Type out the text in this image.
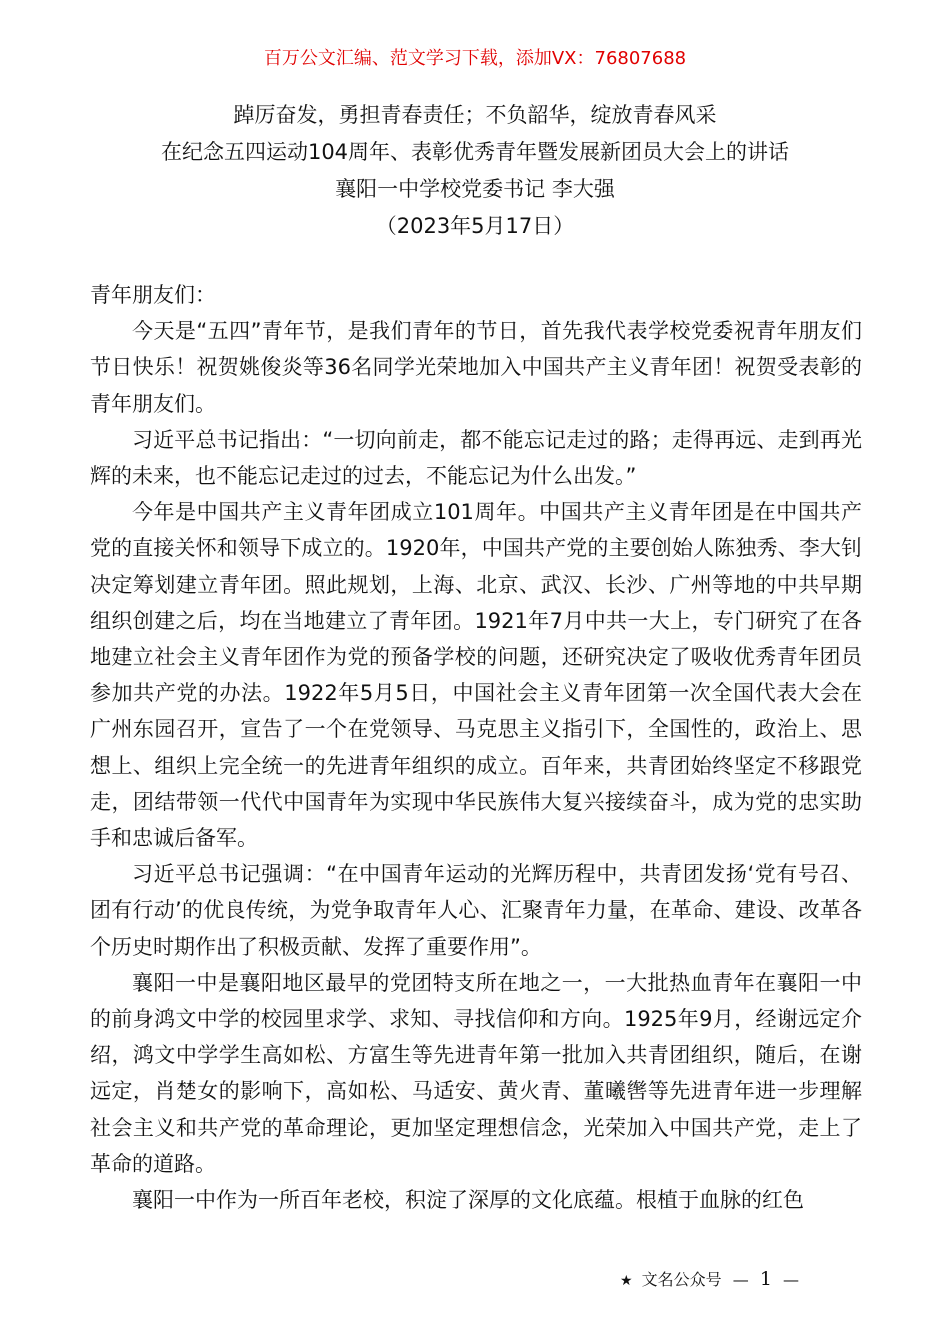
百万公文汇编、范文学习下载，添加VX：76807688
踔厉奋发，勇担青春责任；不负韶华，绽放青春风采
在纪念五四运动104周年、表彰优秀青年暨发展新团员大会上的讲话
襄阳一中学校党委书记 李大强
（2023年5月17日）

青年朋友们：

今天是“五四”青年节，是我们青年的节日，首先我代表学校党委祝青年朋友们节日快乐！祝贺姚俊炎等36名同学光荣地加入中国共产主义青年团！祝贺受表彰的青年朋友们。

习近平总书记指出：“一切向前走，都不能忘记走过的路；走得再远、走到再光辉的未来，也不能忘记走过的过去，不能忘记为什么出发。”

今年是中国共产主义青年团成立101周年。中国共产主义青年团是在中国共产党的直接关怀和领导下成立的。1920年，中国共产党的主要创始人陈独秀、李大钊决定筹划建立青年团。照此规划，上海、北京、武汉、长沙、广州等地的中共早期组织创建之后，均在当地建立了青年团。1921年7月中共一大上，专门研究了在各地建立社会主义青年团作为党的预备学校的问题，还研究决定了吸收优秀青年团员参加共产党的办法。1922年5月5日，中国社会主义青年团第一次全国代表大会在广州东园召开，宣告了一个在党领导、马克思主义指引下，全国性的，政治上、思想上、组织上完全统一的先进青年组织的成立。百年来，共青团始终坚定不移跟党走，团结带领一代代中国青年为实现中华民族伟大复兴接续奋斗，成为党的忠实助手和忠诚后备军。

习近平总书记强调：“在中国青年运动的光辉历程中，共青团发扬‘党有号召、团有行动’的优良传统，为党争取青年人心、汇聚青年力量，在革命、建设、改革各个历史时期作出了积极贡献、发挥了重要作用”。

襄阳一中是襄阳地区最早的党团特支所在地之一，一大批热血青年在襄阳一中的前身鸿文中学的校园里求学、求知、寻找信仰和方向。1925年9月，经谢远定介绍，鸿文中学学生高如松、方富生等先进青年第一批加入共青团组织，随后，在谢远定，肖楚女的影响下，高如松、马适安、黄火青、董曦辔等先进青年进一步理解社会主义和共产党的革命理论，更加坚定理想信念，光荣加入中国共产党，走上了革命的道路。

襄阳一中作为一所百年老校，积淀了深厚的文化底蕴。根植于血脉的红色

★ 文名公众号 — 1 —
